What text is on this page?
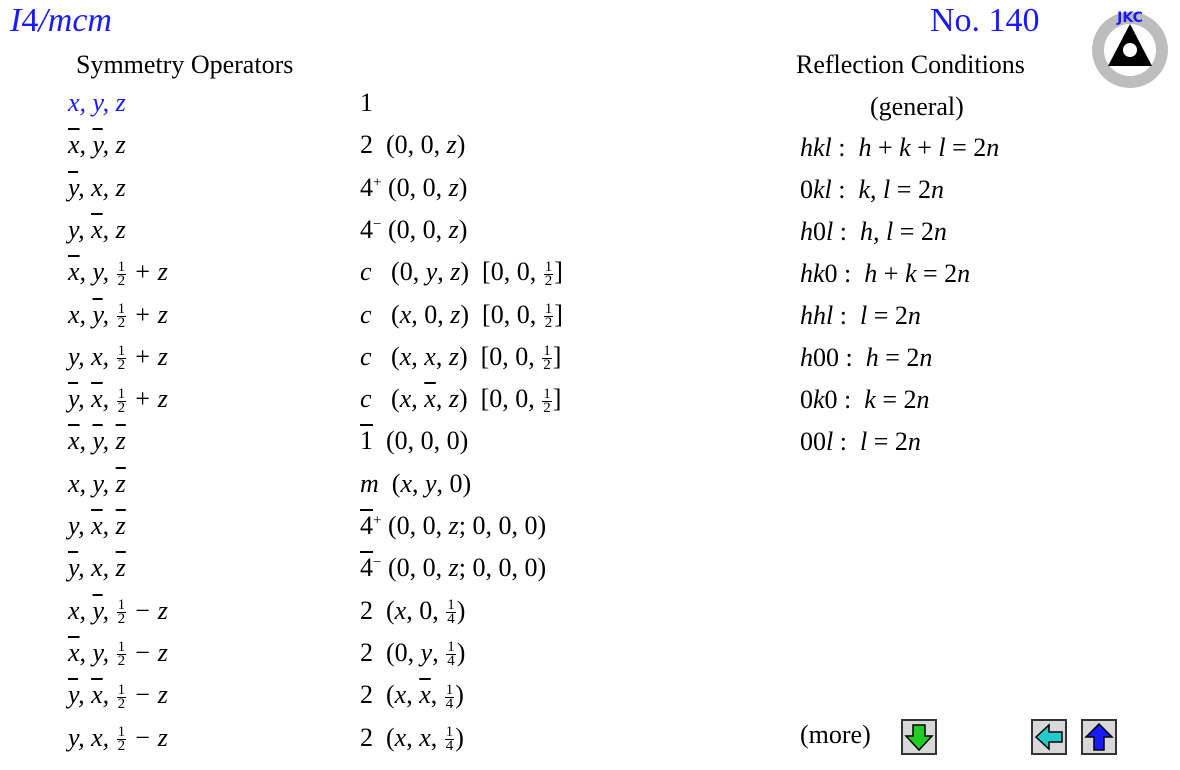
I4/mcm	No. 140	JKC
Symmetry Operators	Reflection Conditions
(general)
x, y, z	1
$\overline{x}$, $\overline{y}$, z	2  (0, 0, z)
$\overline{y}$, x, z	4+ (0, 0, z)
y, $\overline{x}$, z	4− (0, 0, z)
$\overline{x}$, y, $\frac{1}{2} + z$	c   (0, y, z)  [0, 0, $\frac{1}{2}$ ]
x, $\overline{y}$, $\frac{1}{2} + z$	c   (x, 0, z)  [0, 0, $\frac{1}{2}$ ]
y, x, $\frac{1}{2} + z$	c   (x, x, z)  [0, 0, $\frac{1}{2}$ ]
$\overline{y}$, $\overline{x}$, $\frac{1}{2} + z$	c   (x, $\overline{x}$, z)  [0, 0, $\frac{1}{2}$ ]
$\overline{x}$, $\overline{y}$, $\overline{z}$	1  (0, 0, 0)
x, y, $\overline{z}$	m  (x, y, 0)
y, $\overline{x}$, $\overline{z}$	4+ (0, 0, z; 0, 0, 0)
$\overline{y}$, x, $\overline{z}$	4− (0, 0, z; 0, 0, 0)
x, $\overline{y}$, $\frac{1}{2} - z$	2  (x, 0, $\frac{1}{4}$ )
$\overline{x}$, y, $\frac{1}{2} - z$	2  (0, y, $\frac{1}{4}$ )
$\overline{y}$, $\overline{x}$, $\frac{1}{2} - z$	2  (x, $\overline{x}$, $\frac{1}{4}$ )
y, x, $\frac{1}{2} - z$	2  (x, x, $\frac{1}{4}$ )
hkl :  h + k + l = 2n
0kl :  k, l = 2n
h0l :  h, l = 2n
hk0 :  h + k = 2n
hhl :  l = 2n
h00 :  h = 2n
0k0 :  k = 2n
00l :  l = 2n
(more)
